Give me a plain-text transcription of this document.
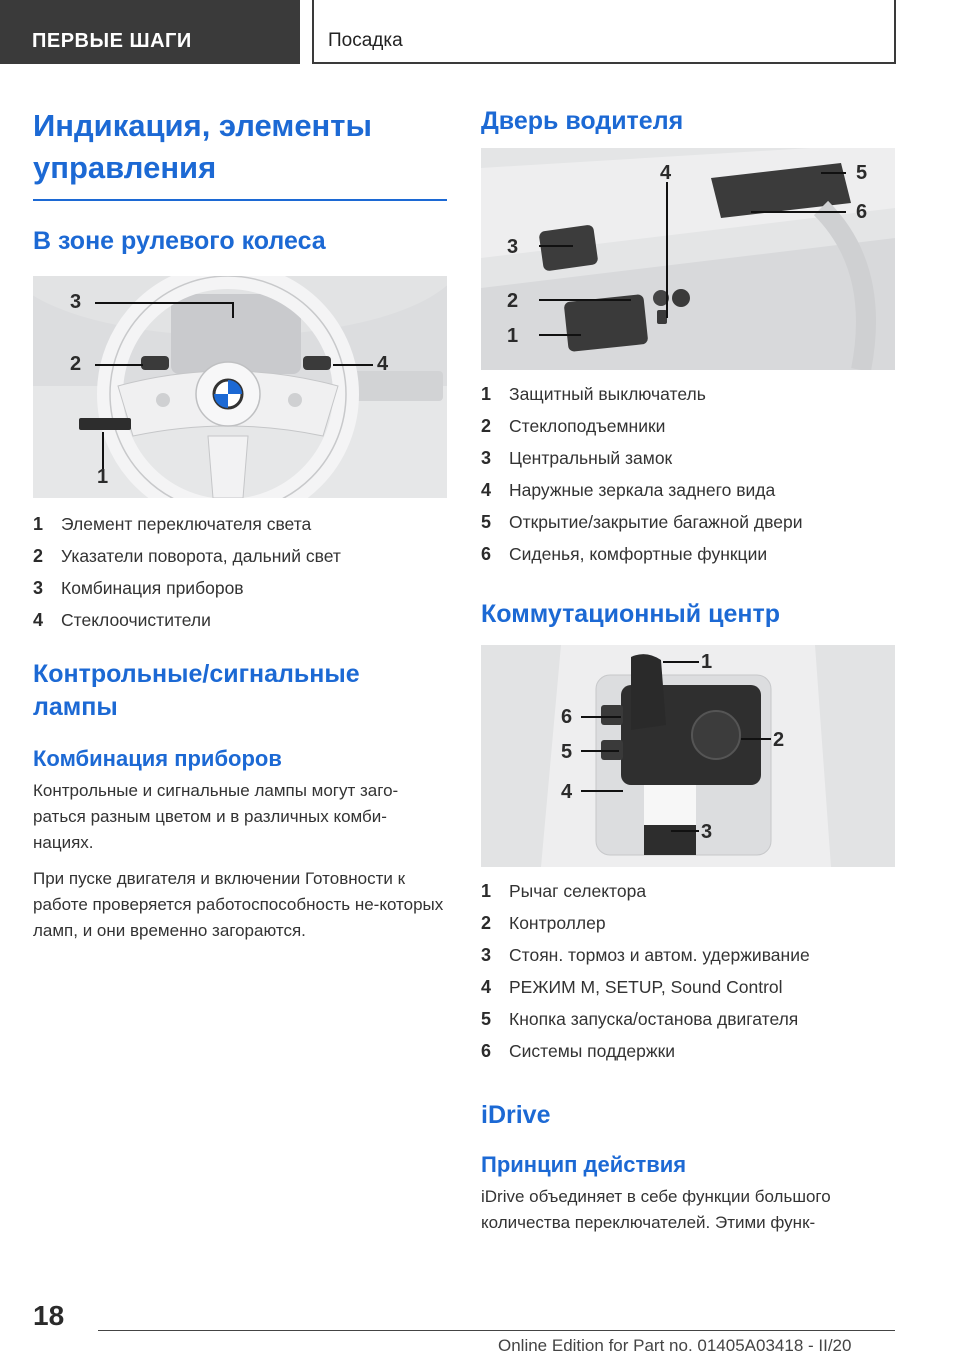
ПЕРВЫЕ ШАГИ	Посадка
Индикация, элементы управления
В зоне рулевого колеса
3
2	4
1
1	Элемент переключателя света
2	Указатели поворота, дальний свет
3	Комбинация приборов
4	Стеклоочистители
Контрольные/сигнальные лампы
Комбинация приборов
Контрольные и сигнальные лампы могут заго-раться разным цветом и в различных комби-нациях.
При пуске двигателя и включении Готовности к работе проверяется работоспособность не-которых ламп, и они временно загораются.
Дверь водителя
4	5
6
3
2
1
1	Защитный выключатель
2	Стеклоподъемники
3	Центральный замок
4	Наружные зеркала заднего вида
5	Открытие/закрытие багажной двери
6	Сиденья, комфортные функции
Коммутационный центр
1
6
2
5
4
3
1	Рычаг селектора
2	Контроллер
3	Стоян. тормоз и автом. удерживание
4	РЕЖИМ M, SETUP, Sound Control
5	Кнопка запуска/останова двигателя
6	Системы поддержки
iDrive
Принцип действия
iDrive объединяет в себе функции большого количества переключателей. Этими функ-
18
Online Edition for Part no. 01405A03418 - II/20
